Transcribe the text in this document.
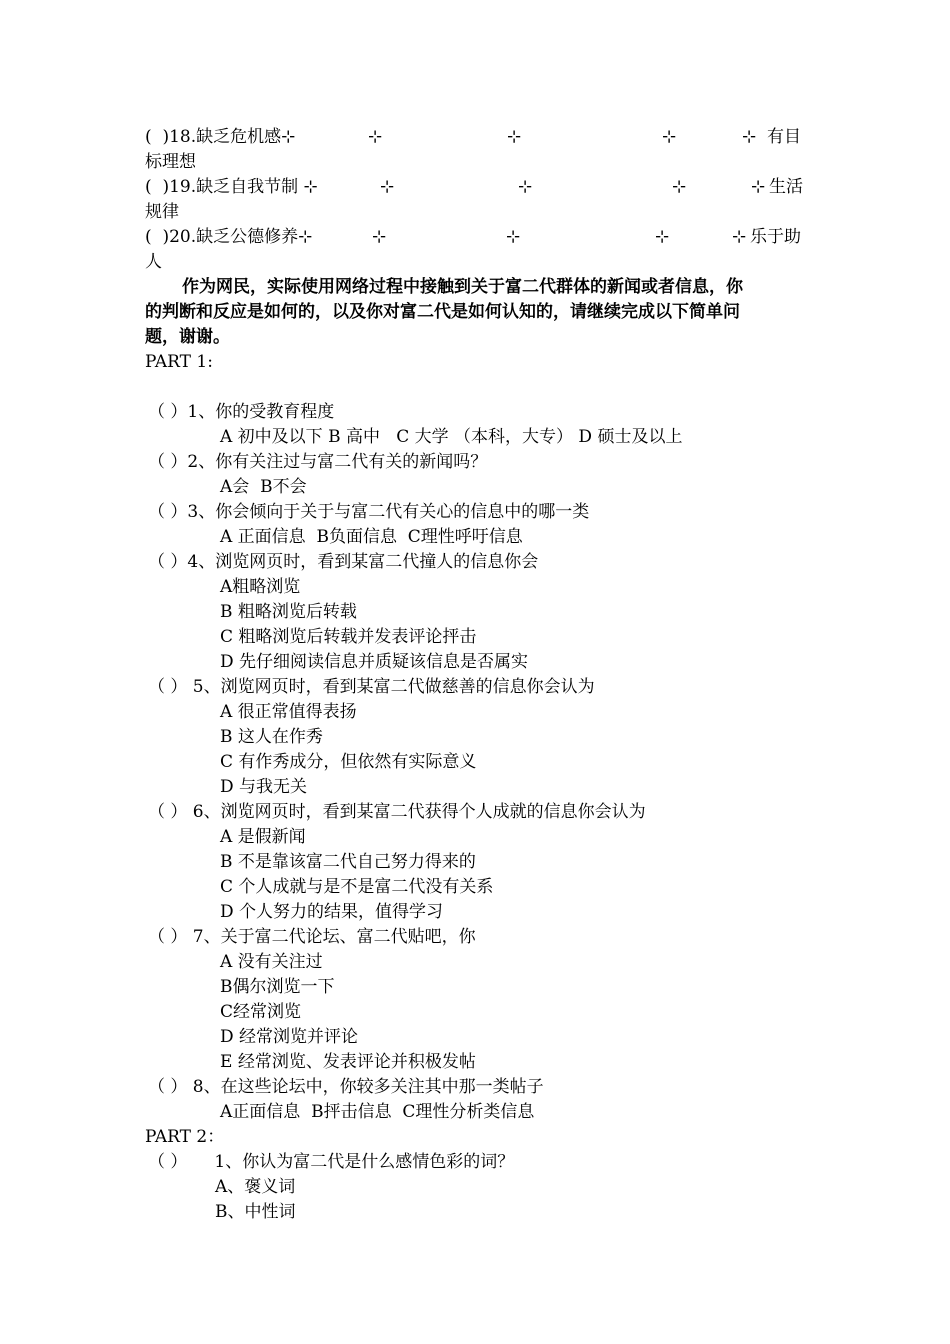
(  )18.缺乏危机感⊹	⊹	⊹	⊹	⊹ 有目
标理想
(  )19.缺乏自我节制 ⊹	⊹	⊹	⊹	⊹ 生活
规律
(  )20.缺乏公德修养⊹	⊹	⊹	⊹	⊹ 乐于助
人
作为网民，实际使用网络过程中接触到关于富二代群体的新闻或者信息，你
的判断和反应是如何的，以及你对富二代是如何认知的，请继续完成以下简单问
题，谢谢。
PART 1:
（ ）1、你的受教育程度
A 初中及以下 B 高中   C 大学 （本科，大专） D 硕士及以上
（ ）2、你有关注过与富二代有关的新闻吗？
A会  B不会
（ ）3、你会倾向于关于与富二代有关心的信息中的哪一类
A 正面信息  B负面信息  C理性呼吁信息
（ ）4、浏览网页时，看到某富二代撞人的信息你会
A粗略浏览
B 粗略浏览后转载
C 粗略浏览后转载并发表评论抨击
D 先仔细阅读信息并质疑该信息是否属实
（ ） 5、浏览网页时，看到某富二代做慈善的信息你会认为
A 很正常值得表扬
B 这人在作秀
C 有作秀成分，但依然有实际意义
D 与我无关
（ ） 6、浏览网页时，看到某富二代获得个人成就的信息你会认为
A 是假新闻
B 不是靠该富二代自己努力得来的
C 个人成就与是不是富二代没有关系
D 个人努力的结果，值得学习
（ ） 7、关于富二代论坛、富二代贴吧，你
A 没有关注过
B偶尔浏览一下
C经常浏览
D 经常浏览并评论
E 经常浏览、发表评论并积极发帖
（ ） 8、在这些论坛中，你较多关注其中那一类帖子
A正面信息  B抨击信息  C理性分析类信息
PART 2：
（ ）     1、你认为富二代是什么感情色彩的词？
A、褒义词
B、中性词
